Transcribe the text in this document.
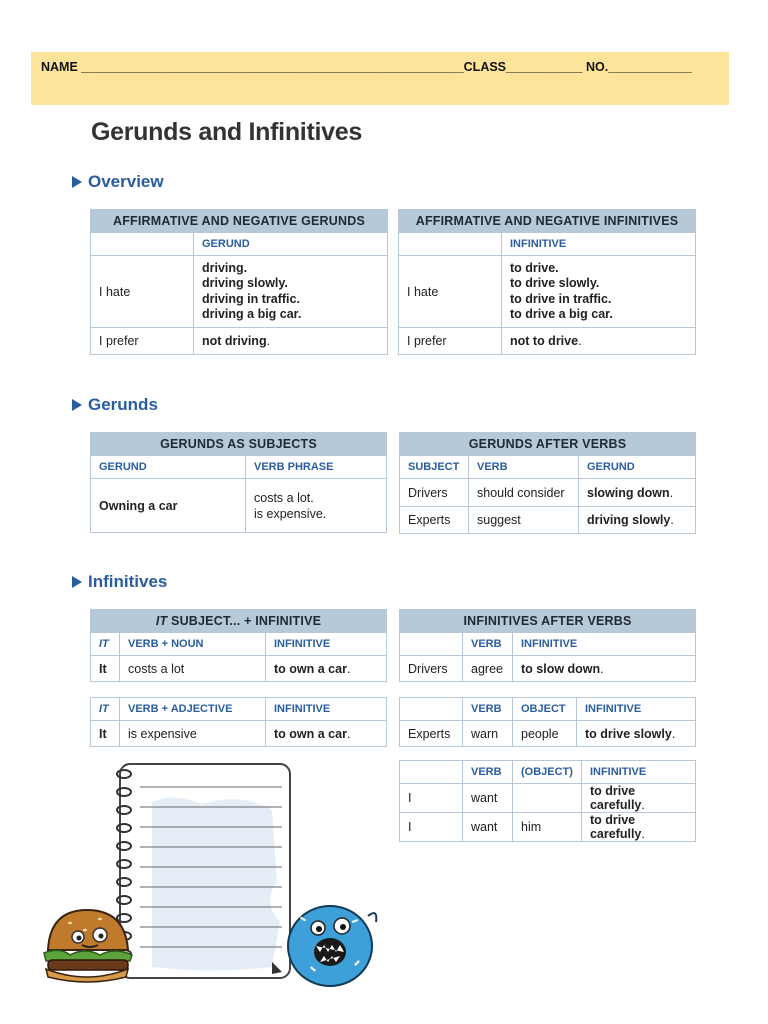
NAME _______________________________________________________CLASS___________ NO.____________
Gerunds and Infinitives
Overview
AFFIRMATIVE AND NEGATIVE GERUNDS	
	GERUND
I hate	driving.
driving slowly.
driving in traffic.
driving a big car.

I prefer	not driving.
AFFIRMATIVE AND NEGATIVE INFINITIVES	
	INFINITIVE
I hate	to drive.
to drive slowly.
to drive in traffic.
to drive a big car.

I prefer	not to drive.
Gerunds
GERUNDS AS SUBJECTS	
GERUND	VERB PHRASE
Owning a car	costs a lot.
is expensive.
GERUNDS AFTER VERBS		
SUBJECT	VERB	GERUND
Drivers	should consider	slowing down.
Experts	suggest	driving slowly.
Infinitives
IT SUBJECT... + INFINITIVE		
IT	VERB + NOUN	INFINITIVE
It	costs a lot	to own a car.
IT	VERB + ADJECTIVE	INFINITIVE
It	is expensive	to own a car.
INFINITIVES AFTER VERBS		
	VERB	INFINITIVE
Drivers	agree	to slow down.
	VERB	OBJECT	INFINITIVE
Experts	warn	people	to drive slowly.
	VERB	(OBJECT)	INFINITIVE
I	want		to drive carefully.
I	want	him	to drive carefully.
